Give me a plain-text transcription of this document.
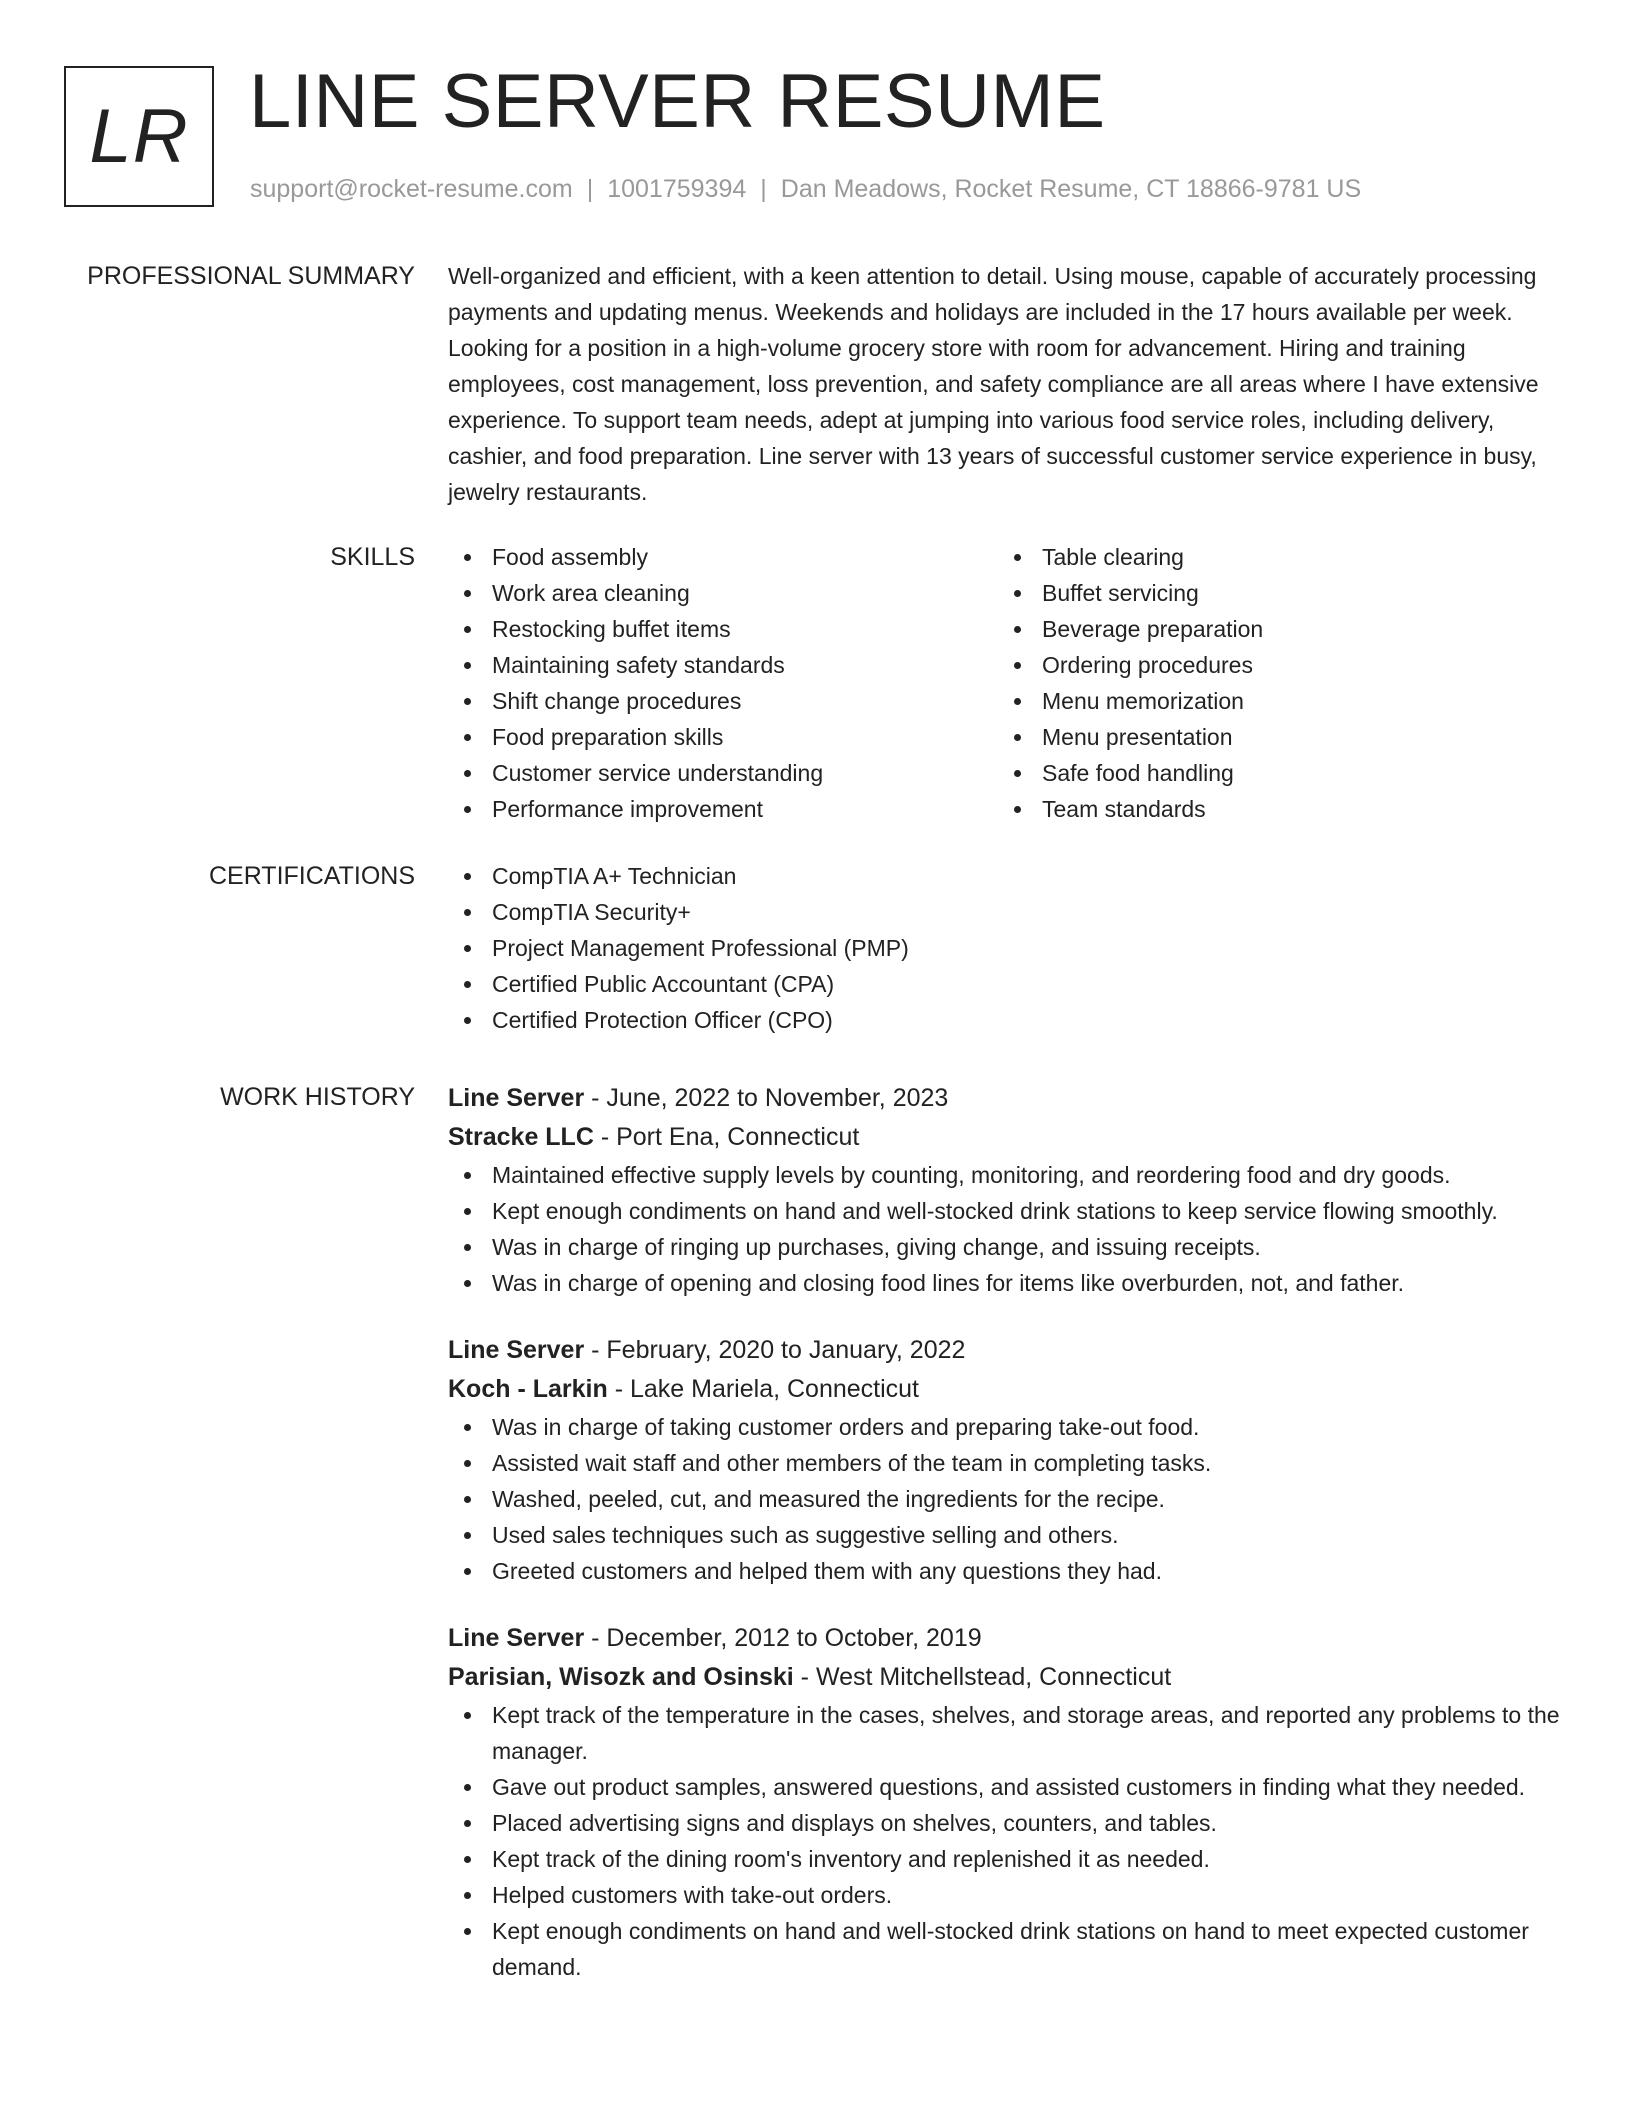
LR LINE SERVER RESUME
support@rocket-resume.com | 1001759394 | Dan Meadows, Rocket Resume, CT 18866-9781 US
PROFESSIONAL SUMMARY Well-organized and efficient, with a keen attention to detail. Using mouse, capable of accurately processing payments and updating menus. Weekends and holidays are included in the 17 hours available per week. Looking for a position in a high-volume grocery store with room for advancement. Hiring and training employees, cost management, loss prevention, and safety compliance are all areas where I have extensive experience. To support team needs, adept at jumping into various food service roles, including delivery, cashier, and food preparation. Line server with 13 years of successful customer service experience in busy, jewelry restaurants.
SKILLS	Food assembly
Work area cleaning
Restocking buffet items
Maintaining safety standards
Shift change procedures
Food preparation skills
Customer service understanding
Performance improvement
Table clearing
Buffet servicing
Beverage preparation
Ordering procedures
Menu memorization
Menu presentation
Safe food handling
Team standards
CERTIFICATIONS	CompTIA A+ Technician
CompTIA Security+
Project Management Professional (PMP)
Certified Public Accountant (CPA)
Certified Protection Officer (CPO)
WORK HISTORY Line Server - June, 2022 to November, 2023
Stracke LLC - Port Ena, Connecticut
Maintained effective supply levels by counting, monitoring, and reordering food and dry goods.
Kept enough condiments on hand and well-stocked drink stations to keep service flowing smoothly.
Was in charge of ringing up purchases, giving change, and issuing receipts.
Was in charge of opening and closing food lines for items like overburden, not, and father.
Line Server - February, 2020 to January, 2022
Koch - Larkin - Lake Mariela, Connecticut
Was in charge of taking customer orders and preparing take-out food.
Assisted wait staff and other members of the team in completing tasks.
Washed, peeled, cut, and measured the ingredients for the recipe.
Used sales techniques such as suggestive selling and others.
Greeted customers and helped them with any questions they had.
Line Server - December, 2012 to October, 2019
Parisian, Wisozk and Osinski - West Mitchellstead, Connecticut
Kept track of the temperature in the cases, shelves, and storage areas, and reported any problems to the manager.
Gave out product samples, answered questions, and assisted customers in finding what they needed.
Placed advertising signs and displays on shelves, counters, and tables.
Kept track of the dining room's inventory and replenished it as needed.
Helped customers with take-out orders.
Kept enough condiments on hand and well-stocked drink stations on hand to meet expected customer demand.
